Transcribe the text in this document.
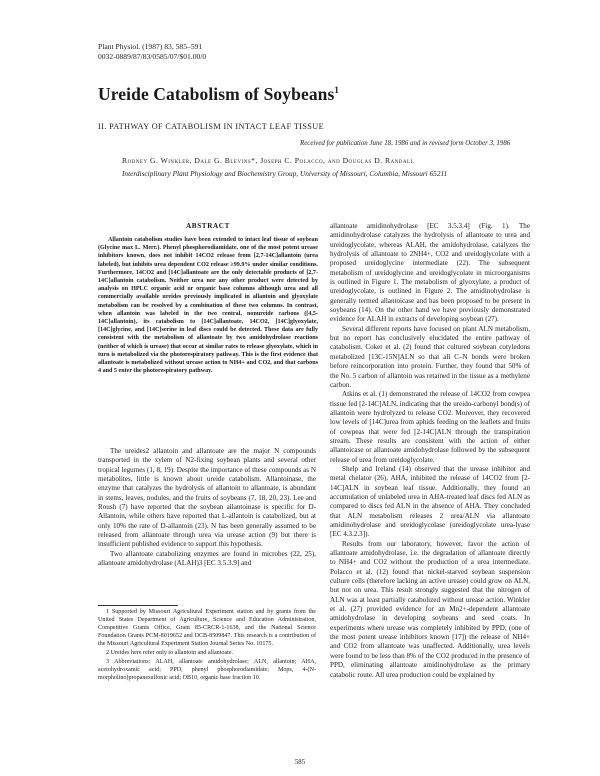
Plant Physiol. (1987) 83, 585–591
0032-0889/87/83/0585/07/$01.00/0
Ureide Catabolism of Soybeans$^1$
II. PATHWAY OF CATABOLISM IN INTACT LEAF TISSUE
Received for publication June 18, 1986 and in revised form October 3, 1986
Rodney G. Winkler, Dale G. Blevins*, Joseph C. Polacco, and Douglas D. Randall
Interdisciplinary Plant Physiology and Biochemistry Group, University of Missouri, Columbia, Missouri 65211
ABSTRACT
Allantoin catabolism studies have been extended to intact leaf tissue of soybean (Glycine max L. Merr.). Phenyl phosphorodiamidate, one of the most potent urease inhibitors known, does not inhibit 14CO2 release from [2,7-14C]allantoin (urea labeled), but inhibits urea dependent CO2 release ≥99.9% under similar conditions. Furthermore, 14CO2 and [14C]allantoate are the only detectable products of [2,7-14C]allantoin catabolism. Neither urea nor any other product were detected by analysis on HPLC organic acid or organic base columns although urea and all commercially available ureides previously implicated in allantoin and glyoxylate metabolism can be resolved by a combination of these two columns. In contrast, when allantoin was labeled in the two central, nonureide carbons ([4,5-14C]allantoin), its catabolism to [14C]allantoate, 14CO2, [14C]glyoxylate, [14C]glycine, and [14C]serine in leaf discs could be detected. These data are fully consistent with the metabolism of allantoate by two amidohydrolase reactions (neither of which is urease) that occur at similar rates to release glyoxylate, which in turn is metabolized via the photorespiratory pathway. This is the first evidence that allantoate is metabolized without urease action to NH4+ and CO2, and that carbons 4 and 5 enter the photorespiratory pathway.

The ureides2 allantoin and allantoate are the major N compounds transported in the xylem of N2-fixing soybean plants and several other tropical legumes (1, 8, 19). Despite the importance of these compounds as N metabolites, little is known about ureide catabolism. Allantoinase, the enzyme that catalyzes the hydrolysis of allantoin to allantoate, is abundant in stems, leaves, nodules, and the fruits of soybeans (7, 18, 20, 23). Lee and Roush (7) have reported that the soybean allantoinase is specific for D-Allantoin, while others have reported that L-allantoin is catabolized, but at only 10% the rate of D-allantoin (23). N has been generally assumed to be released from allantoate through urea via urease action (9) but there is insufficient published evidence to support this hypothesis.

Two allantoate catabolizing enzymes are found in microbes (22, 25), allantoate amidohydrolase (ALAH)3 [EC 3.5.3.9] and

1 Supported by Missouri Agricultural Experiment station and by grants from the United States Department of Agriculture, Science and Education Administration, Competitive Grants Office, Grant 85-CRCR-1-1638, and the National Science Foundation Grants PCM-8019652 and DCB-8509847. This research is a contribution of the Missouri Agricultural Experiment Station Journal Series No. 10175.

2 Ureides here refer only to allantoin and allantoate.

3 Abbreviations: ALAH, allantoate amidohydrolase; ALN, allantoin; AHA, acetohydroxamic acid; PPD, phenyl phosphorodiamidate; Mops, 4-(N-morpholino)propanesulfonic acid; OB10, organic base fraction 10.

allantoate amidinohydrolase [EC 3.5.3.4] (Fig. 1). The amidinohydrolase catalyzes the hydrolysis of allantoate to urea and ureidoglycolate, whereas ALAH, the amidohydrolase, catalyzes the hydrolysis of allantoate to 2NH4+, CO2 and ureidoglycolate with a proposed ureidoglycine intermediate (22). The subsequent metabolism of ureidoglycine and ureidoglycolate in microorganisms is outlined in Figure 1. The metabolism of glyoxylate, a product of ureidoglycolate, is outlined in Figure 2. The amidinohydrolase is generally termed allantoicase and has been proposed to be present in soybeans (14). On the other hand we have previously demonstrated evidence for ALAH in extracts of developing soybean (27).

Several different reports have focused on plant ALN metabolism, but no report has conclusively elucidated the entire pathway of catabolism. Coker et al. (2) found that cultured soybean cotyledons metabolized [13C-15N]ALN so that all C–N bonds were broken before reincorporation into protein. Further, they found that 50% of the No. 5 carbon of allantoin was retained in the tissue as a methylene carbon.

Atkins et al. (1) demonstrated the release of 14CO2 from cowpea tissue fed [2-14C]ALN, indicating that the ureido-carbonyl bond(s) of allantoin were hydrolyzed to release CO2. Moreover, they recovered low levels of [14C]urea from aphids feeding on the leaflets and fruits of cowpeas that were fed [2-14C]ALN through the transpiration stream. These results are consistent with the action of either allantoicase or allantoate amidohydrolase followed by the subsequent release of urea from ureidoglycolate.

Shelp and Ireland (14) observed that the urease inhibitor and metal chelator (26), AHA, inhibited the release of 14CO2 from [2-14C]ALN in soybean leaf tissue. Additionally, they found an accumulation of unlabeled urea in AHA-treated leaf discs fed ALN as compared to discs fed ALN in the absence of AHA. They concluded that ALN metabolism releases 2 urea/ALN via allantoate amidinohydrolase and ureidoglycolase (ureidoglycolate urea-lyase [EC 4.3.2.3]).

Results from our laboratory, however, favor the action of allantoate amidohydrolase, i.e. the degradation of allantoate directly to NH4+ and CO2 without the production of a urea intermediate. Polacco et al. (12) found that nickel-starved soybean suspension culture cells (therefore lacking an active urease) could grow on ALN, but not on urea. This result strongly suggested that the nitrogen of ALN was at least partially catabolized without urease action. Winkler et al. (27) provided evidence for an Mn2+-dependent allantoate amidohydrolase in developing soybeans and seed coats. In experiments where urease was completely inhibited by PPD, (one of the most potent urease inhibitors known [17]) the release of NH4+ and CO2 from allantoate was unaffected. Additionally, urea levels were found to be less than 8% of the CO2 produced in the presence of PPD, eliminating allantoate amidinohydrolase as the primary catabolic route. All urea production could be explained by

585
